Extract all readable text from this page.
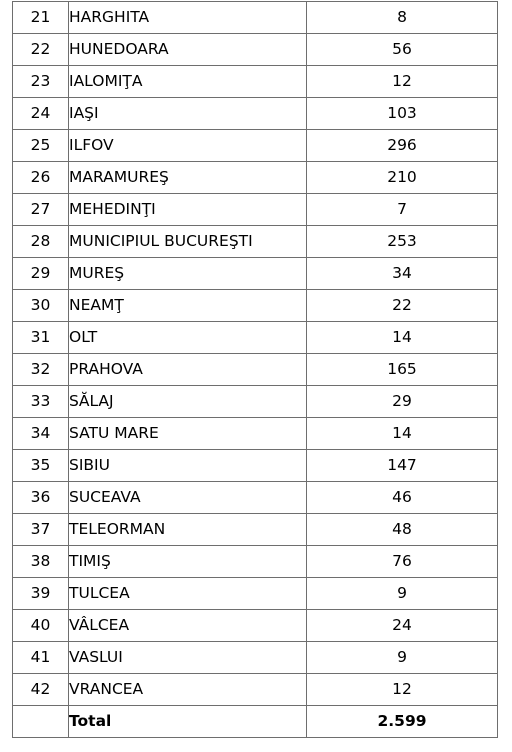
21	HARGHITA	8
22	HUNEDOARA	56
23	IALOMIŢA	12
24	IAŞI	103
25	ILFOV	296
26	MARAMUREŞ	210
27	MEHEDINŢI	7
28	MUNICIPIUL BUCUREŞTI	253
29	MUREŞ	34
30	NEAMŢ	22
31	OLT	14
32	PRAHOVA	165
33	SĂLAJ	29
34	SATU MARE	14
35	SIBIU	147
36	SUCEAVA	46
37	TELEORMAN	48
38	TIMIŞ	76
39	TULCEA	9
40	VÂLCEA	24
41	VASLUI	9
42	VRANCEA	12
	Total	2.599
